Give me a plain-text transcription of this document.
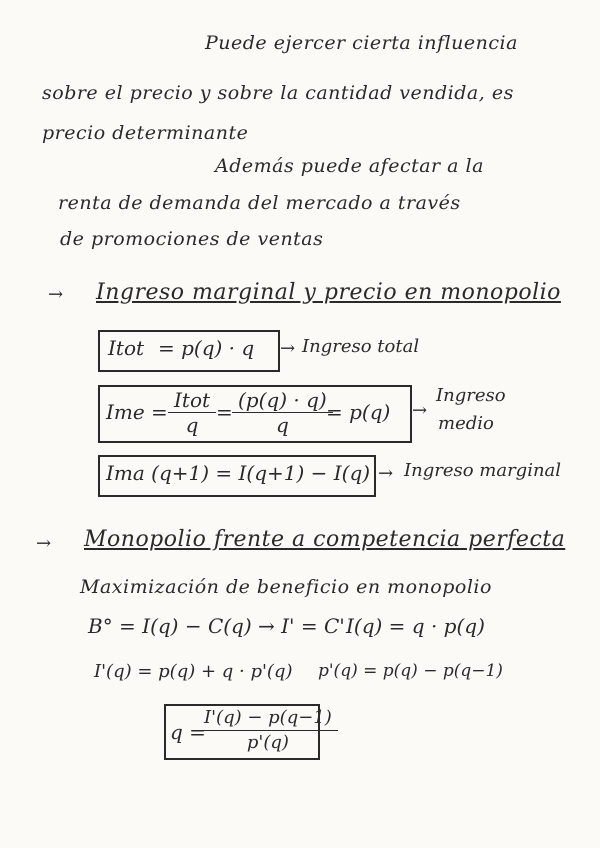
Puede ejercer cierta influencia
sobre el precio y sobre la cantidad vendida, es
precio determinante
Además puede afectar a la
renta de demanda del mercado a través
de promociones de ventas
→ Ingreso marginal y precio en monopolio
Itot = p(q) · q → Ingreso total
Ime = Itot
q
= $\frac{(p(q) \cdot q)}{q}$
= p(q) →
Ingreso
medio
Ima (q+1) = I(q+1) − I(q) → Ingreso marginal
→ Monopolio frente a competencia perfecta
Maximización de beneficio en monopolio
B° = I(q) − C(q) → I' = C' I(q) = q · p(q)
I'(q) = p(q) + q · p'(q) p'(q) = p(q) − p(q−1)
q =
$\frac{I'(q) - p(q-1)}{p'(q)}$
